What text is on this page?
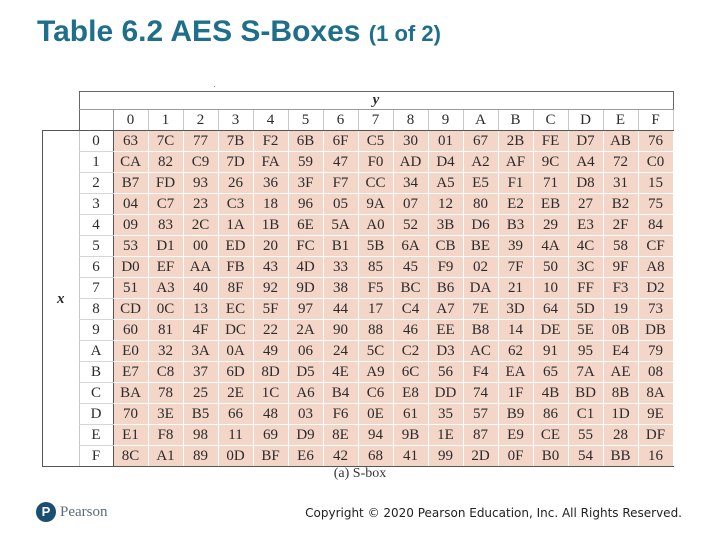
Table 6.2 AES S-Boxes (1 of 2)
	y																
		0	1	2	3	4	5	6	7	8	9	A	B	C	D	E	F
x	0	63	7C	77	7B	F2	6B	6F	C5	30	01	67	2B	FE	D7	AB	76
	1	CA	82	C9	7D	FA	59	47	F0	AD	D4	A2	AF	9C	A4	72	C0
	2	B7	FD	93	26	36	3F	F7	CC	34	A5	E5	F1	71	D8	31	15
	3	04	C7	23	C3	18	96	05	9A	07	12	80	E2	EB	27	B2	75
	4	09	83	2C	1A	1B	6E	5A	A0	52	3B	D6	B3	29	E3	2F	84
	5	53	D1	00	ED	20	FC	B1	5B	6A	CB	BE	39	4A	4C	58	CF
	6	D0	EF	AA	FB	43	4D	33	85	45	F9	02	7F	50	3C	9F	A8
	7	51	A3	40	8F	92	9D	38	F5	BC	B6	DA	21	10	FF	F3	D2
	8	CD	0C	13	EC	5F	97	44	17	C4	A7	7E	3D	64	5D	19	73
	9	60	81	4F	DC	22	2A	90	88	46	EE	B8	14	DE	5E	0B	DB
	A	E0	32	3A	0A	49	06	24	5C	C2	D3	AC	62	91	95	E4	79
	B	E7	C8	37	6D	8D	D5	4E	A9	6C	56	F4	EA	65	7A	AE	08
	C	BA	78	25	2E	1C	A6	B4	C6	E8	DD	74	1F	4B	BD	8B	8A
	D	70	3E	B5	66	48	03	F6	0E	61	35	57	B9	86	C1	1D	9E
	E	E1	F8	98	11	69	D9	8E	94	9B	1E	87	E9	CE	55	28	DF
	F	8C	A1	89	0D	BF	E6	42	68	41	99	2D	0F	B0	54	BB	16
(a) S-box
P Pearson	Copyright © 2020 Pearson Education, Inc. All Rights Reserved.
